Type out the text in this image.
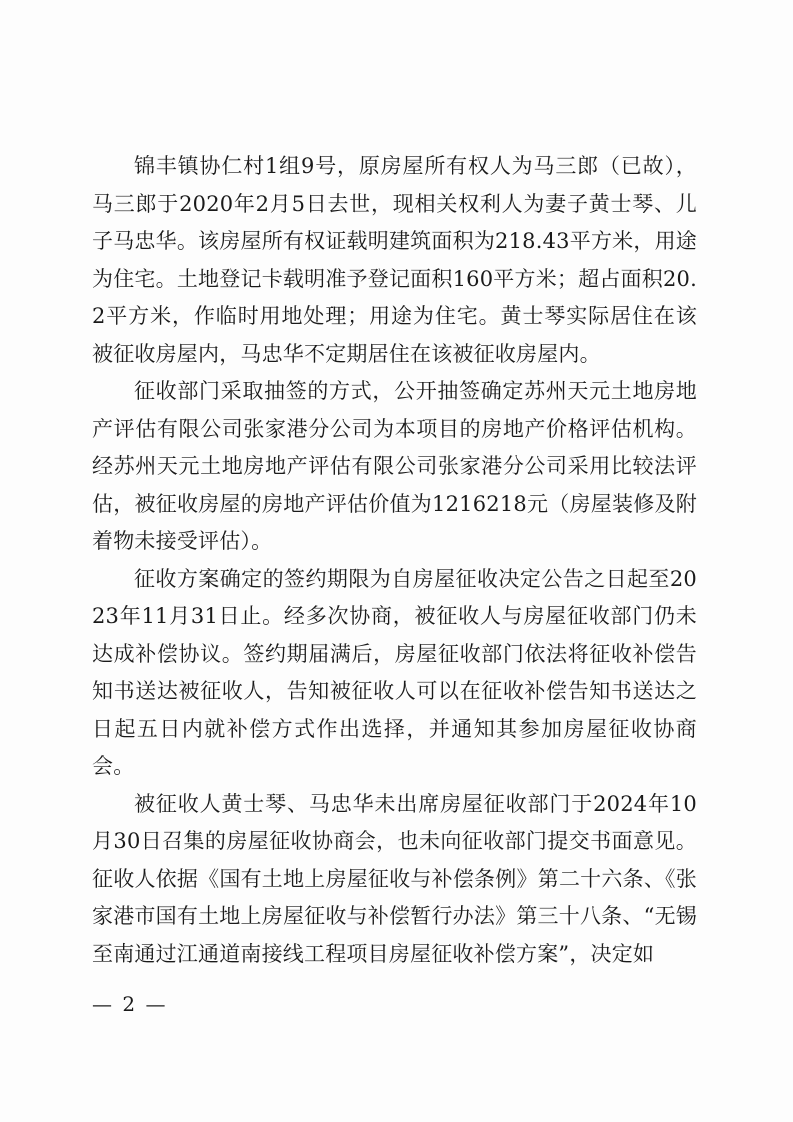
锦丰镇协仁村1组9号，原房屋所有权人为马三郎（已故），马三郎于2020年2月5日去世，现相关权利人为妻子黄士琴、儿子马忠华。该房屋所有权证载明建筑面积为218.43平方米，用途为住宅。土地登记卡载明准予登记面积160平方米；超占面积20.2平方米，作临时用地处理；用途为住宅。黄士琴实际居住在该被征收房屋内，马忠华不定期居住在该被征收房屋内。

征收部门采取抽签的方式，公开抽签确定苏州天元土地房地产评估有限公司张家港分公司为本项目的房地产价格评估机构。经苏州天元土地房地产评估有限公司张家港分公司采用比较法评估，被征收房屋的房地产评估价值为1216218元（房屋装修及附着物未接受评估）。

征收方案确定的签约期限为自房屋征收决定公告之日起至2023年11月31日止。经多次协商，被征收人与房屋征收部门仍未达成补偿协议。签约期届满后，房屋征收部门依法将征收补偿告知书送达被征收人，告知被征收人可以在征收补偿告知书送达之日起五日内就补偿方式作出选择，并通知其参加房屋征收协商会。

被征收人黄士琴、马忠华未出席房屋征收部门于2024年10月30日召集的房屋征收协商会，也未向征收部门提交书面意见。征收人依据《国有土地上房屋征收与补偿条例》第二十六条、《张家港市国有土地上房屋征收与补偿暂行办法》第三十八条、“无锡至南通过江通道南接线工程项目房屋征收补偿方案”，决定如

— 2 —
